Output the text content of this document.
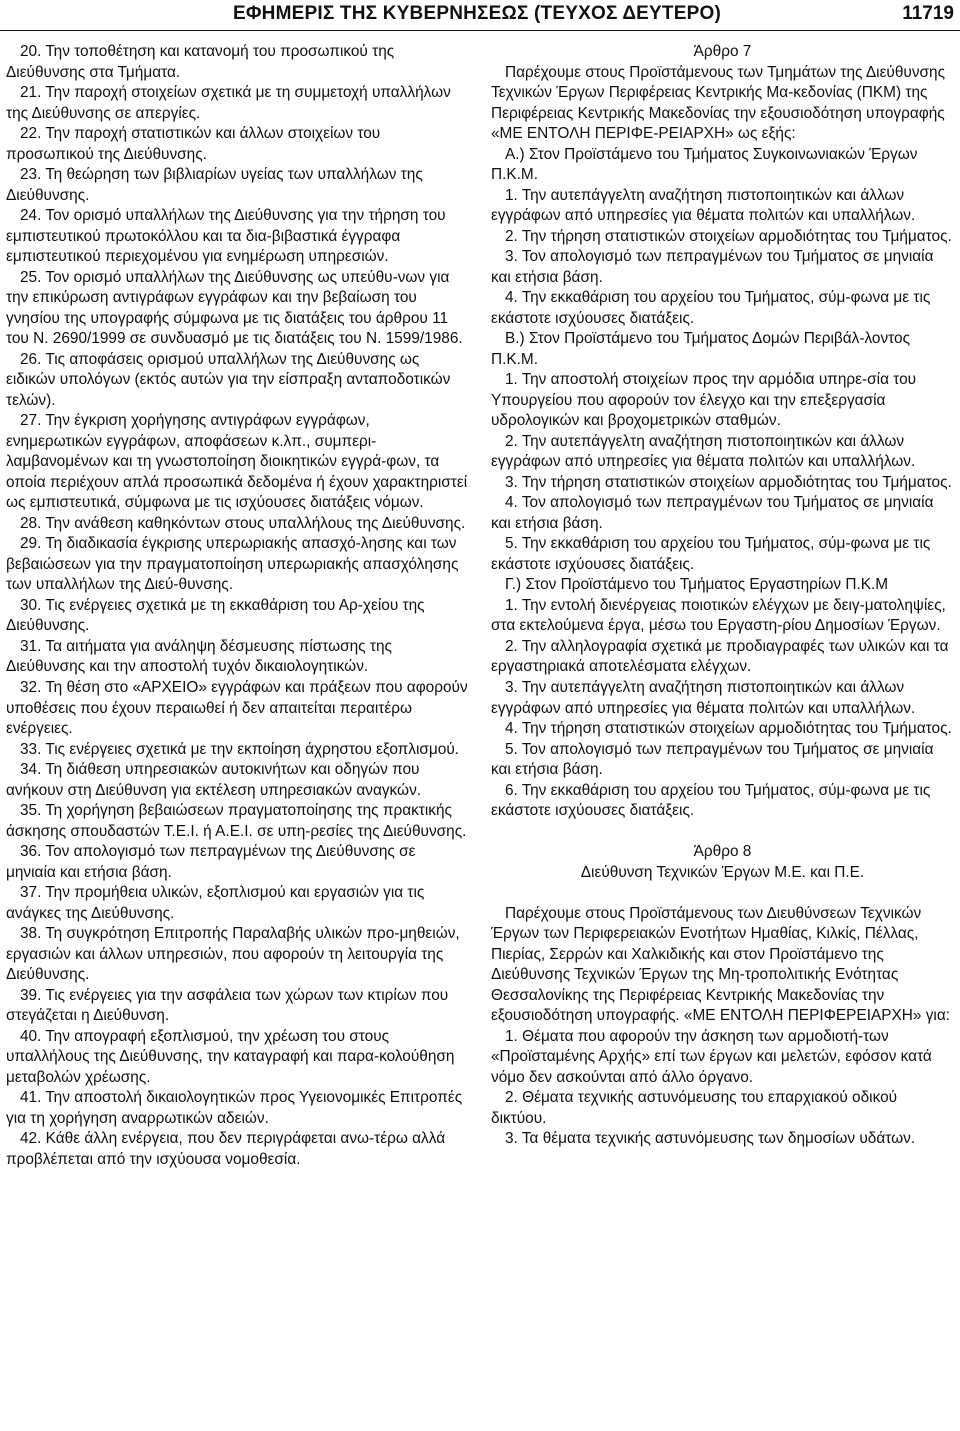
ΕΦΗΜΕΡΙΣ ΤΗΣ ΚΥΒΕΡΝΗΣΕΩΣ (ΤΕΥΧΟΣ ΔΕΥΤΕΡΟ)	11719

20. Την τοποθέτηση και κατανομή του προσωπικού της Διεύθυνσης στα Τμήματα.

21. Την παροχή στοιχείων σχετικά με τη συμμετοχή υπαλλήλων της Διεύθυνσης σε απεργίες.

22. Την παροχή στατιστικών και άλλων στοιχείων του προσωπικού της Διεύθυνσης.

23. Τη θεώρηση των βιβλιαρίων υγείας των υπαλλήλων της Διεύθυνσης.

24. Τον ορισμό υπαλλήλων της Διεύθυνσης για την τήρηση του εμπιστευτικού πρωτοκόλλου και τα δια-βιβαστικά έγγραφα εμπιστευτικού περιεχομένου για ενημέρωση υπηρεσιών.

25. Τον ορισμό υπαλλήλων της Διεύθυνσης ως υπεύθυ-νων για την επικύρωση αντιγράφων εγγράφων και την βεβαίωση του γνησίου της υπογραφής σύμφωνα με τις διατάξεις του άρθρου 11 του Ν. 2690/1999 σε συνδυασμό με τις διατάξεις του Ν. 1599/1986.

26. Τις αποφάσεις ορισμού υπαλλήλων της Διεύθυνσης ως ειδικών υπολόγων (εκτός αυτών για την είσπραξη ανταποδοτικών τελών).

27. Την έγκριση χορήγησης αντιγράφων εγγράφων, ενημερωτικών εγγράφων, αποφάσεων κ.λπ., συμπερι-λαμβανομένων και τη γνωστοποίηση διοικητικών εγγρά-φων, τα οποία περιέχουν απλά προσωπικά δεδομένα ή έχουν χαρακτηριστεί ως εμπιστευτικά, σύμφωνα με τις ισχύουσες διατάξεις νόμων.

28. Την ανάθεση καθηκόντων στους υπαλλήλους της Διεύθυνσης.

29. Τη διαδικασία έγκρισης υπερωριακής απασχό-λησης και των βεβαιώσεων για την πραγματοποίηση υπερωριακής απασχόλησης των υπαλλήλων της Διεύ-θυνσης.

30. Τις ενέργειες σχετικά με τη εκκαθάριση του Αρ-χείου της Διεύθυνσης.

31. Τα αιτήματα για ανάληψη δέσμευσης πίστωσης της Διεύθυνσης και την αποστολή τυχόν δικαιολογητικών.

32. Τη θέση στο «ΑΡΧΕΙΟ» εγγράφων και πράξεων που αφορούν υποθέσεις που έχουν περαιωθεί ή δεν απαιτείται περαιτέρω ενέργειες.

33. Τις ενέργειες σχετικά με την εκποίηση άχρηστου εξοπλισμού.

34. Τη διάθεση υπηρεσιακών αυτοκινήτων και οδηγών που ανήκουν στη Διεύθυνση για εκτέλεση υπηρεσιακών αναγκών.

35. Τη χορήγηση βεβαιώσεων πραγματοποίησης της πρακτικής άσκησης σπουδαστών Τ.Ε.Ι. ή Α.Ε.Ι. σε υπη-ρεσίες της Διεύθυνσης.

36. Τον απολογισμό των πεπραγμένων της Διεύθυνσης σε μηνιαία και ετήσια βάση.

37. Την προμήθεια υλικών, εξοπλισμού και εργασιών για τις ανάγκες της Διεύθυνσης.

38. Τη συγκρότηση Επιτροπής Παραλαβής υλικών προ-μηθειών, εργασιών και άλλων υπηρεσιών, που αφορούν τη λειτουργία της Διεύθυνσης.

39. Τις ενέργειες για την ασφάλεια των χώρων των κτιρίων που στεγάζεται η Διεύθυνση.

40. Την απογραφή εξοπλισμού, την χρέωση του στους υπαλλήλους της Διεύθυνσης, την καταγραφή και παρα-κολούθηση μεταβολών χρέωσης.

41. Την αποστολή δικαιολογητικών προς Υγειονομικές Επιτροπές για τη χορήγηση αναρρωτικών αδειών.

42. Κάθε άλλη ενέργεια, που δεν περιγράφεται ανω-τέρω αλλά προβλέπεται από την ισχύουσα νομοθεσία.

Άρθρο 7

Παρέχουμε στους Προϊστάμενους των Τμημάτων της Διεύθυνσης Τεχνικών Έργων Περιφέρειας Κεντρικής Μα-κεδονίας (ΠΚΜ) της Περιφέρειας Κεντρικής Μακεδονίας την εξουσιοδότηση υπογραφής «ΜΕ ΕΝΤΟΛΗ ΠΕΡΙΦΕ-ΡΕΙΑΡΧΗ» ως εξής:

Α.) Στον Προϊστάμενο του Τμήματος Συγκοινωνιακών Έργων Π.Κ.Μ.

1. Την αυτεπάγγελτη αναζήτηση πιστοποιητικών και άλλων εγγράφων από υπηρεσίες για θέματα πολιτών και υπαλλήλων.

2. Την τήρηση στατιστικών στοιχείων αρμοδιότητας του Τμήματος.

3. Τον απολογισμό των πεπραγμένων του Τμήματος σε μηνιαία και ετήσια βάση.

4. Την εκκαθάριση του αρχείου του Τμήματος, σύμ-φωνα με τις εκάστοτε ισχύουσες διατάξεις.

Β.) Στον Προϊστάμενο του Τμήματος Δομών Περιβάλ-λοντος Π.Κ.Μ.

1. Την αποστολή στοιχείων προς την αρμόδια υπηρε-σία του Υπουργείου που αφορούν τον έλεγχο και την επεξεργασία υδρολογικών και βροχομετρικών σταθμών.

2. Την αυτεπάγγελτη αναζήτηση πιστοποιητικών και άλλων εγγράφων από υπηρεσίες για θέματα πολιτών και υπαλλήλων.

3. Την τήρηση στατιστικών στοιχείων αρμοδιότητας του Τμήματος.

4. Τον απολογισμό των πεπραγμένων του Τμήματος σε μηνιαία και ετήσια βάση.

5. Την εκκαθάριση του αρχείου του Τμήματος, σύμ-φωνα με τις εκάστοτε ισχύουσες διατάξεις.

Γ.) Στον Προϊστάμενο του Τμήματος Εργαστηρίων Π.Κ.Μ

1. Την εντολή διενέργειας ποιοτικών ελέγχων με δειγ-ματοληψίες, στα εκτελούμενα έργα, μέσω του Εργαστη-ρίου Δημοσίων Έργων.

2. Την αλληλογραφία σχετικά με προδιαγραφές των υλικών και τα εργαστηριακά αποτελέσματα ελέγχων.

3. Την αυτεπάγγελτη αναζήτηση πιστοποιητικών και άλλων εγγράφων από υπηρεσίες για θέματα πολιτών και υπαλλήλων.

4. Την τήρηση στατιστικών στοιχείων αρμοδιότητας του Τμήματος.

5. Τον απολογισμό των πεπραγμένων του Τμήματος σε μηνιαία και ετήσια βάση.

6. Την εκκαθάριση του αρχείου του Τμήματος, σύμ-φωνα με τις εκάστοτε ισχύουσες διατάξεις.

Άρθρο 8

Διεύθυνση Τεχνικών Έργων Μ.Ε. και Π.Ε.

Παρέχουμε στους Προϊστάμενους των Διευθύνσεων Τεχνικών Έργων των Περιφερειακών Ενοτήτων Ημαθίας, Κιλκίς, Πέλλας, Πιερίας, Σερρών και Χαλκιδικής και στον Προϊστάμενο της Διεύθυνσης Τεχνικών Έργων της Μη-τροπολιτικής Ενότητας Θεσσαλονίκης της Περιφέρειας Κεντρικής Μακεδονίας την εξουσιοδότηση υπογραφής. «ΜΕ ΕΝΤΟΛΗ ΠΕΡΙΦΕΡΕΙΑΡΧΗ» για:

1. Θέματα που αφορούν την άσκηση των αρμοδιοτή-των «Προϊσταμένης Αρχής» επί των έργων και μελετών, εφόσον κατά νόμο δεν ασκούνται από άλλο όργανο.

2. Θέματα τεχνικής αστυνόμευσης του επαρχιακού οδικού δικτύου.

3. Τα θέματα τεχνικής αστυνόμευσης των δημοσίων υδάτων.
